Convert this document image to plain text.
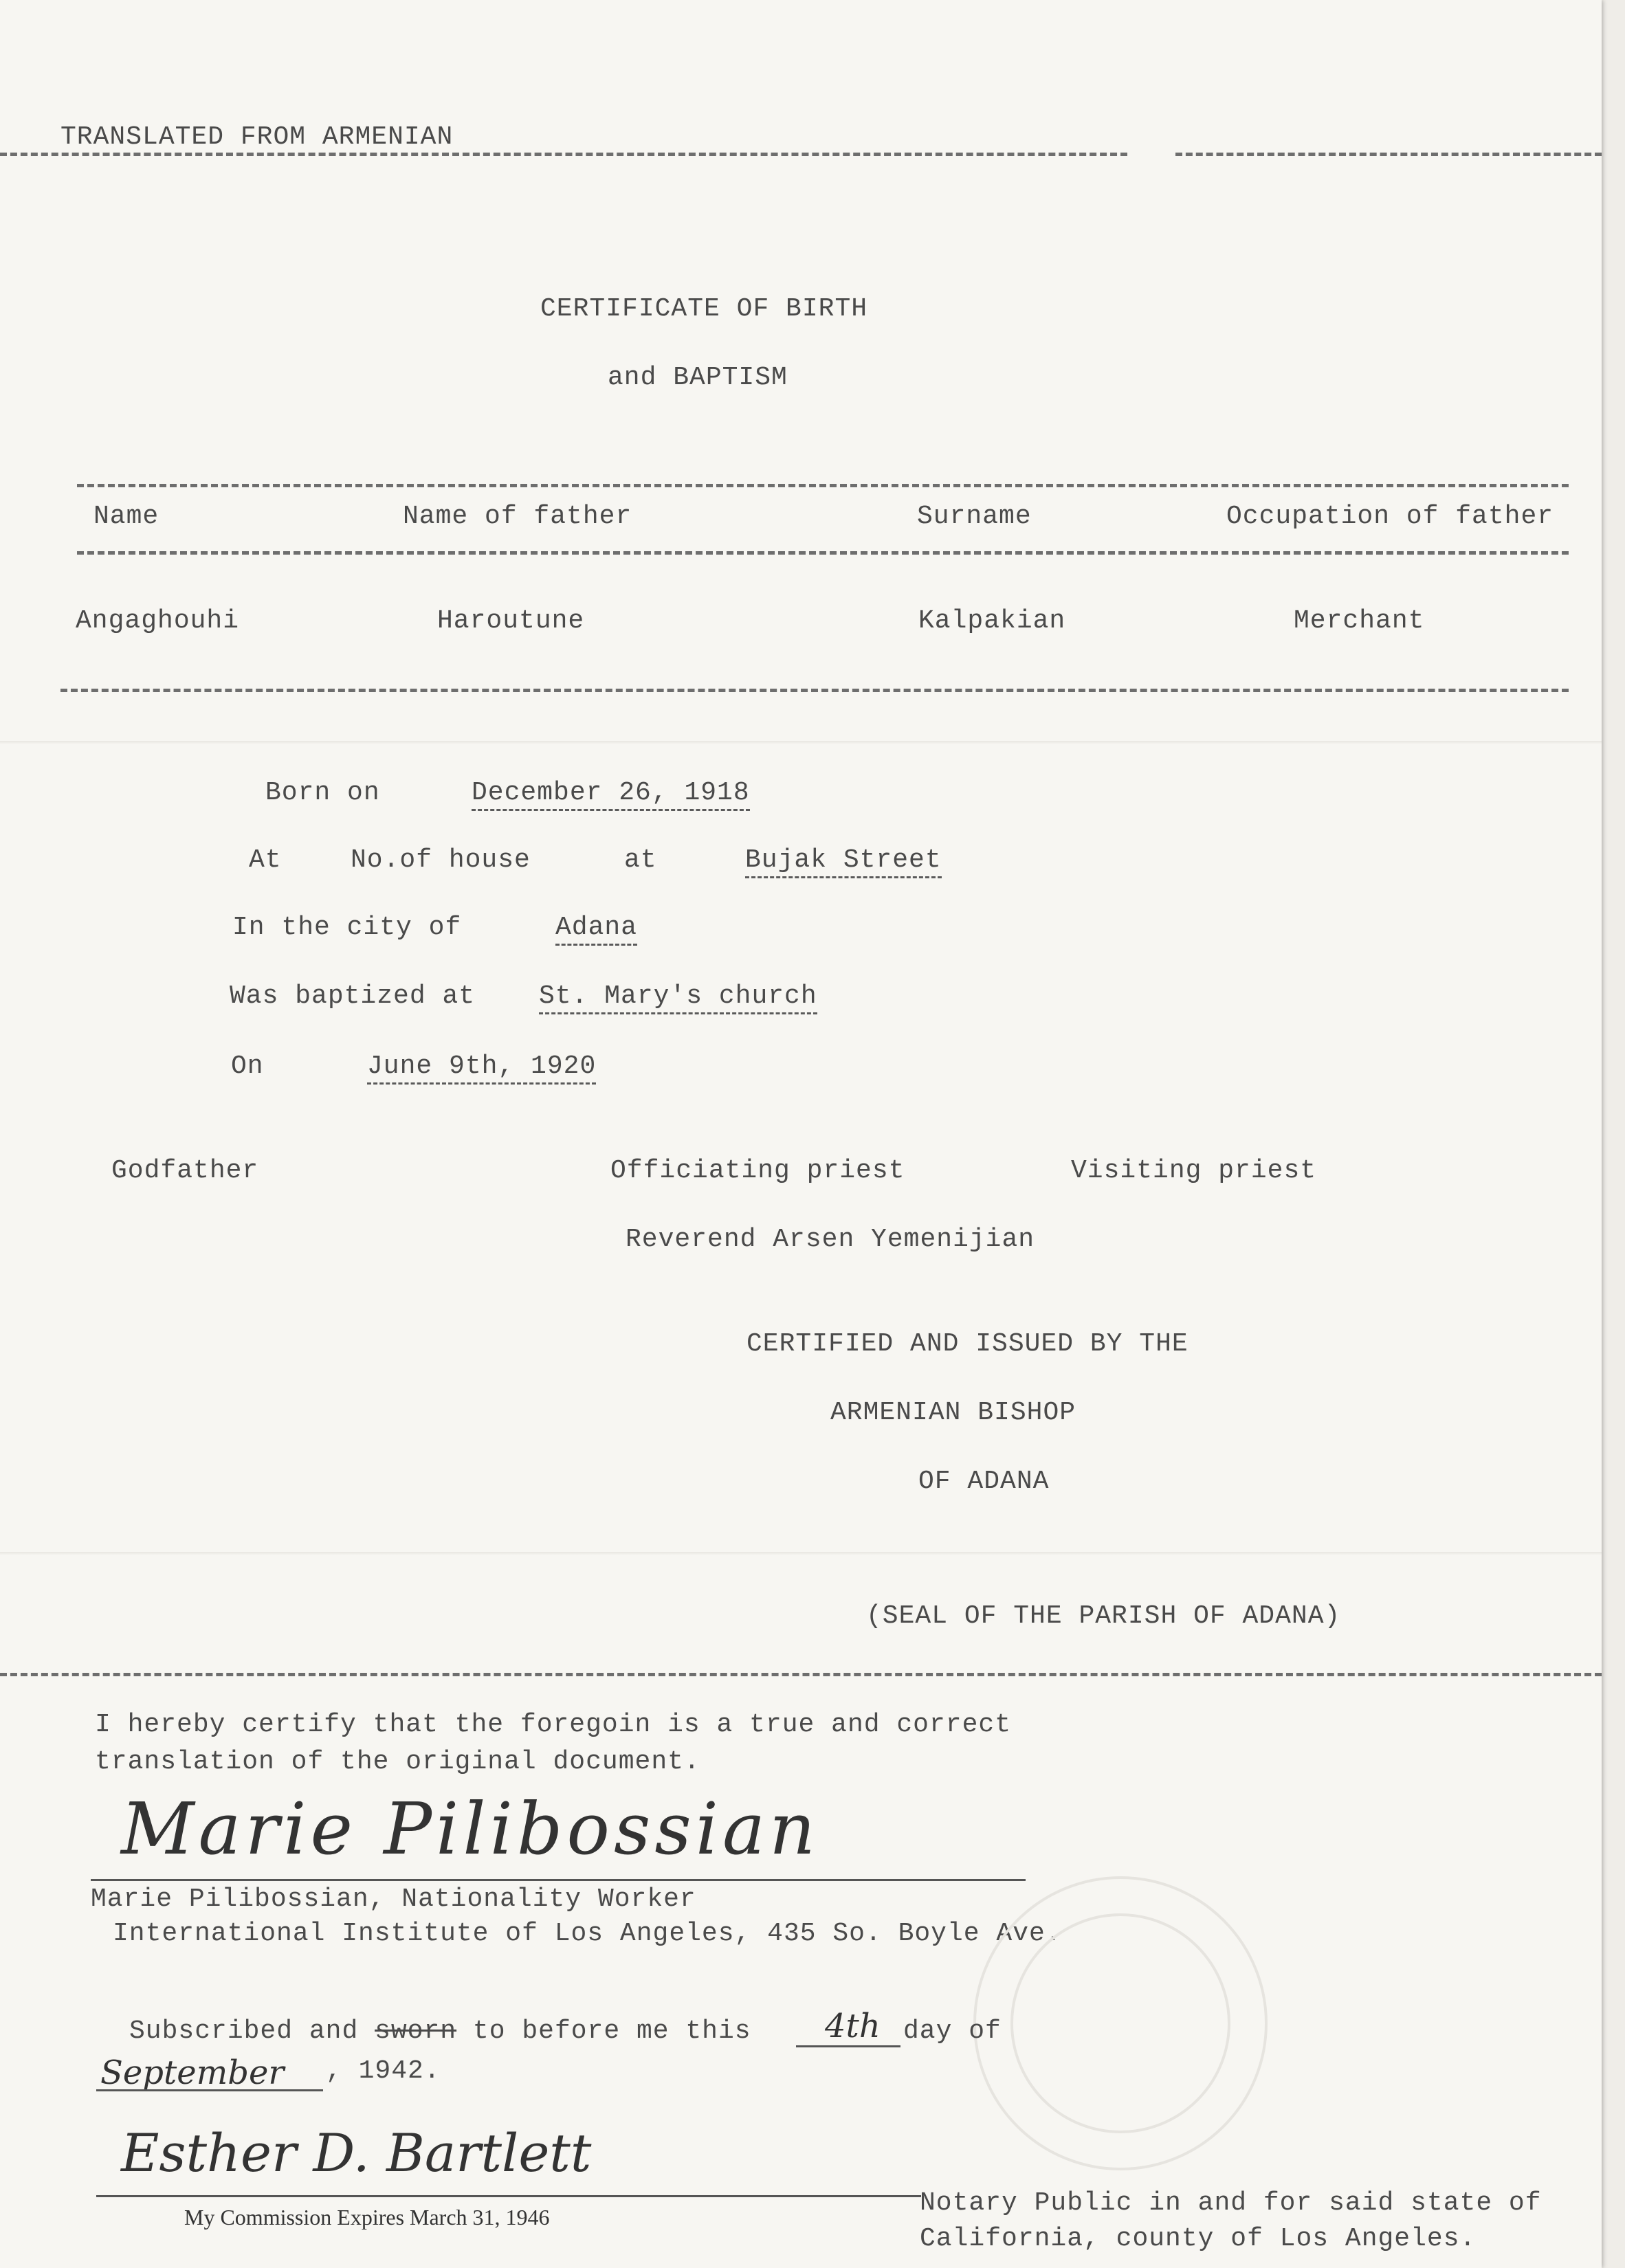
TRANSLATED FROM ARMENIAN
CERTIFICATE OF BIRTH
and BAPTISM
Name	Name of father	Surname	Occupation of father
Angaghouhi	Haroutune	Kalpakian	Merchant
Born on	December 26, 1918
At	No.of house	at	Bujak Street
In the city of	Adana
Was baptized at St. Mary's church
On	June 9th, 1920
Godfather	Officiating priest	Visiting priest
Reverend Arsen Yemenijian
CERTIFIED AND ISSUED BY THE
ARMENIAN BISHOP
OF ADANA
(SEAL OF THE PARISH OF ADANA)
I hereby certify that the foregoin is a true and correct
translation of the original document.
Marie Pilibossian
Marie Pilibossian, Nationality Worker
International Institute of Los Angeles, 435 So. Boyle Ave.
Subscribed and sworn to before me this 4th day of
September , 1942.
Esther D. Bartlett
My Commission Expires March 31, 1946	Notary Public in and for said state of
California, county of Los Angeles.
